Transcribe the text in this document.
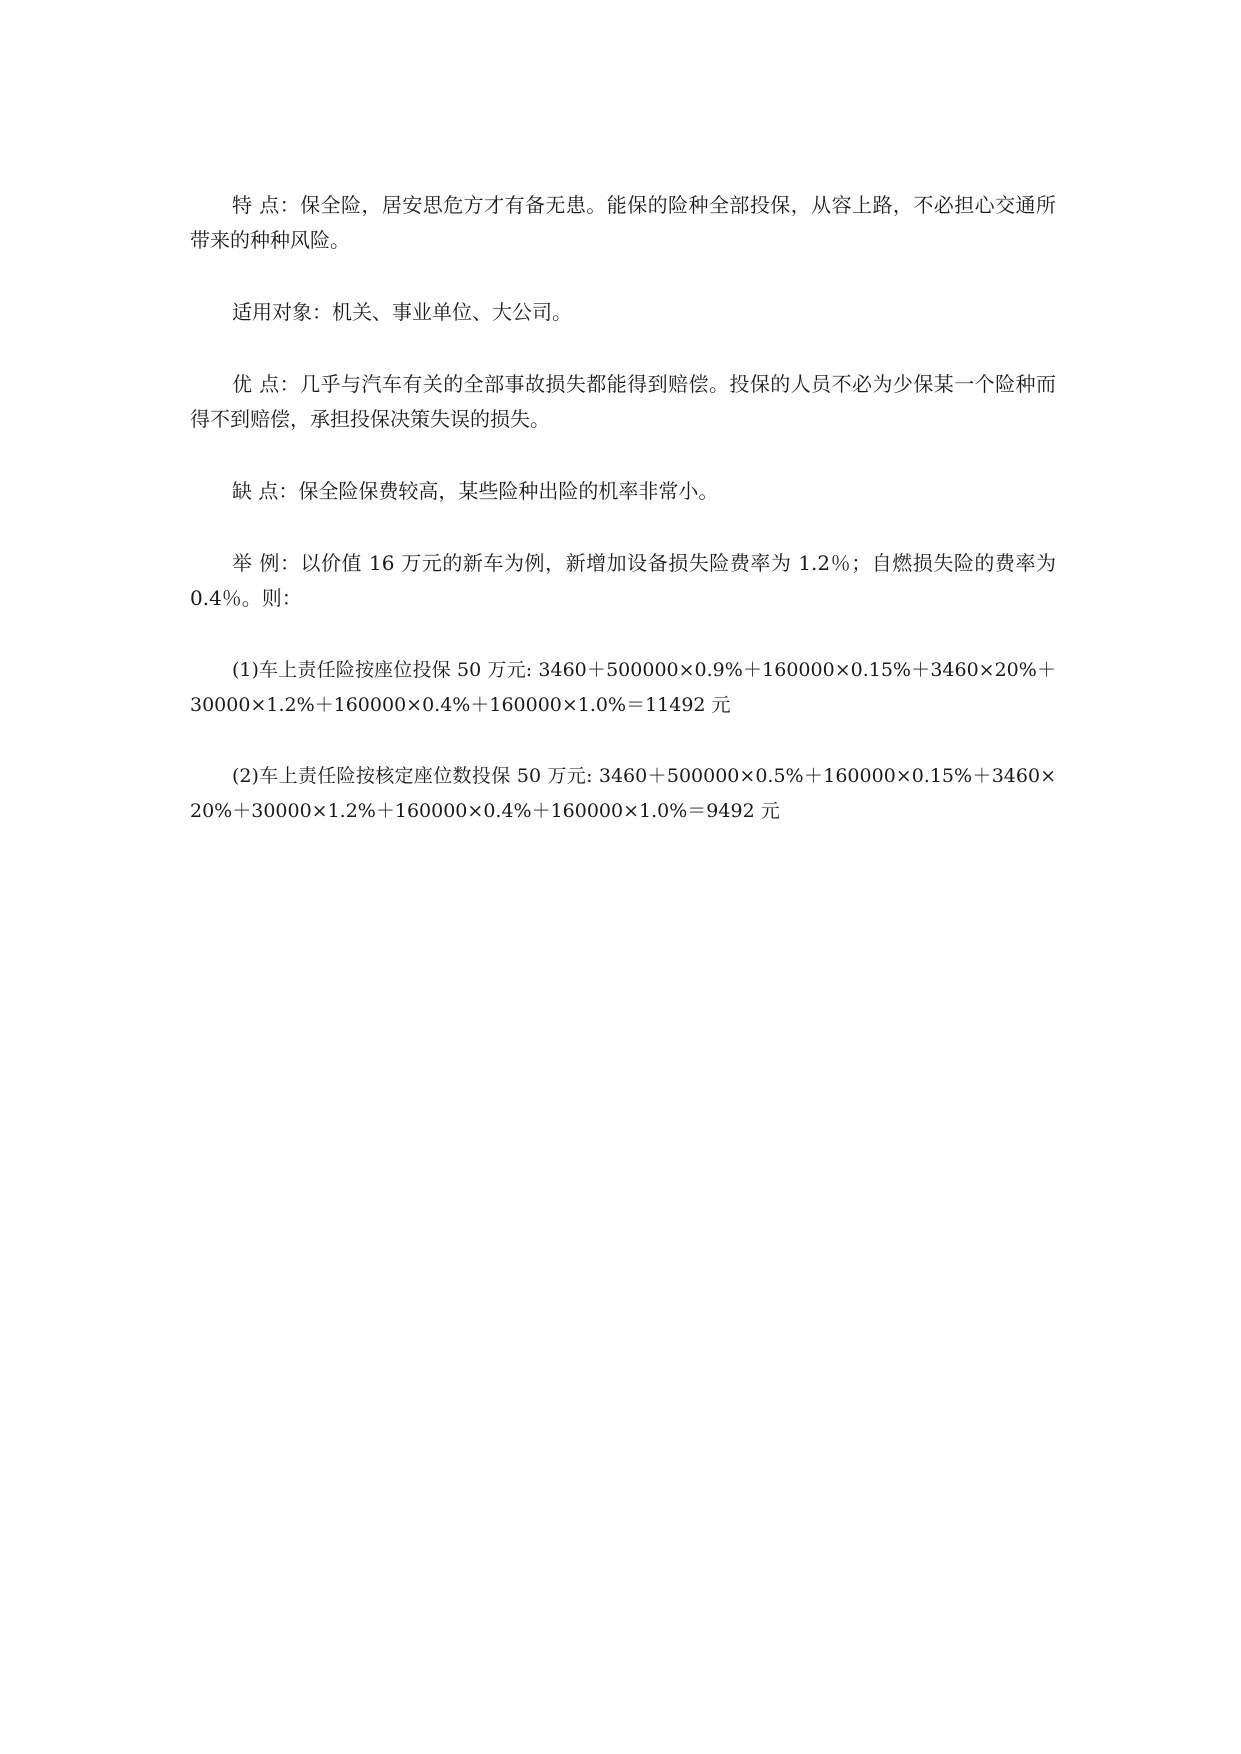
特 点：保全险，居安思危方才有备无患。能保的险种全部投保，从容上路，不必担心交通所带来的种种风险。

适用对象：机关、事业单位、大公司。

优 点：几乎与汽车有关的全部事故损失都能得到赔偿。投保的人员不必为少保某一个险种而得不到赔偿，承担投保决策失误的损失。

缺 点：保全险保费较高，某些险种出险的机率非常小。

举 例：以价值 16 万元的新车为例，新增加设备损失险费率为 1.2％；自燃损失险的费率为 0.4％。则：

(1)车上责任险按座位投保 50 万元: 3460＋500000×0.9%＋160000×0.15%＋3460×20%＋30000×1.2%＋160000×0.4%＋160000×1.0%＝11492 元

(2)车上责任险按核定座位数投保 50 万元: 3460＋500000×0.5%＋160000×0.15%＋3460×20%＋30000×1.2%＋160000×0.4%＋160000×1.0%＝9492 元
